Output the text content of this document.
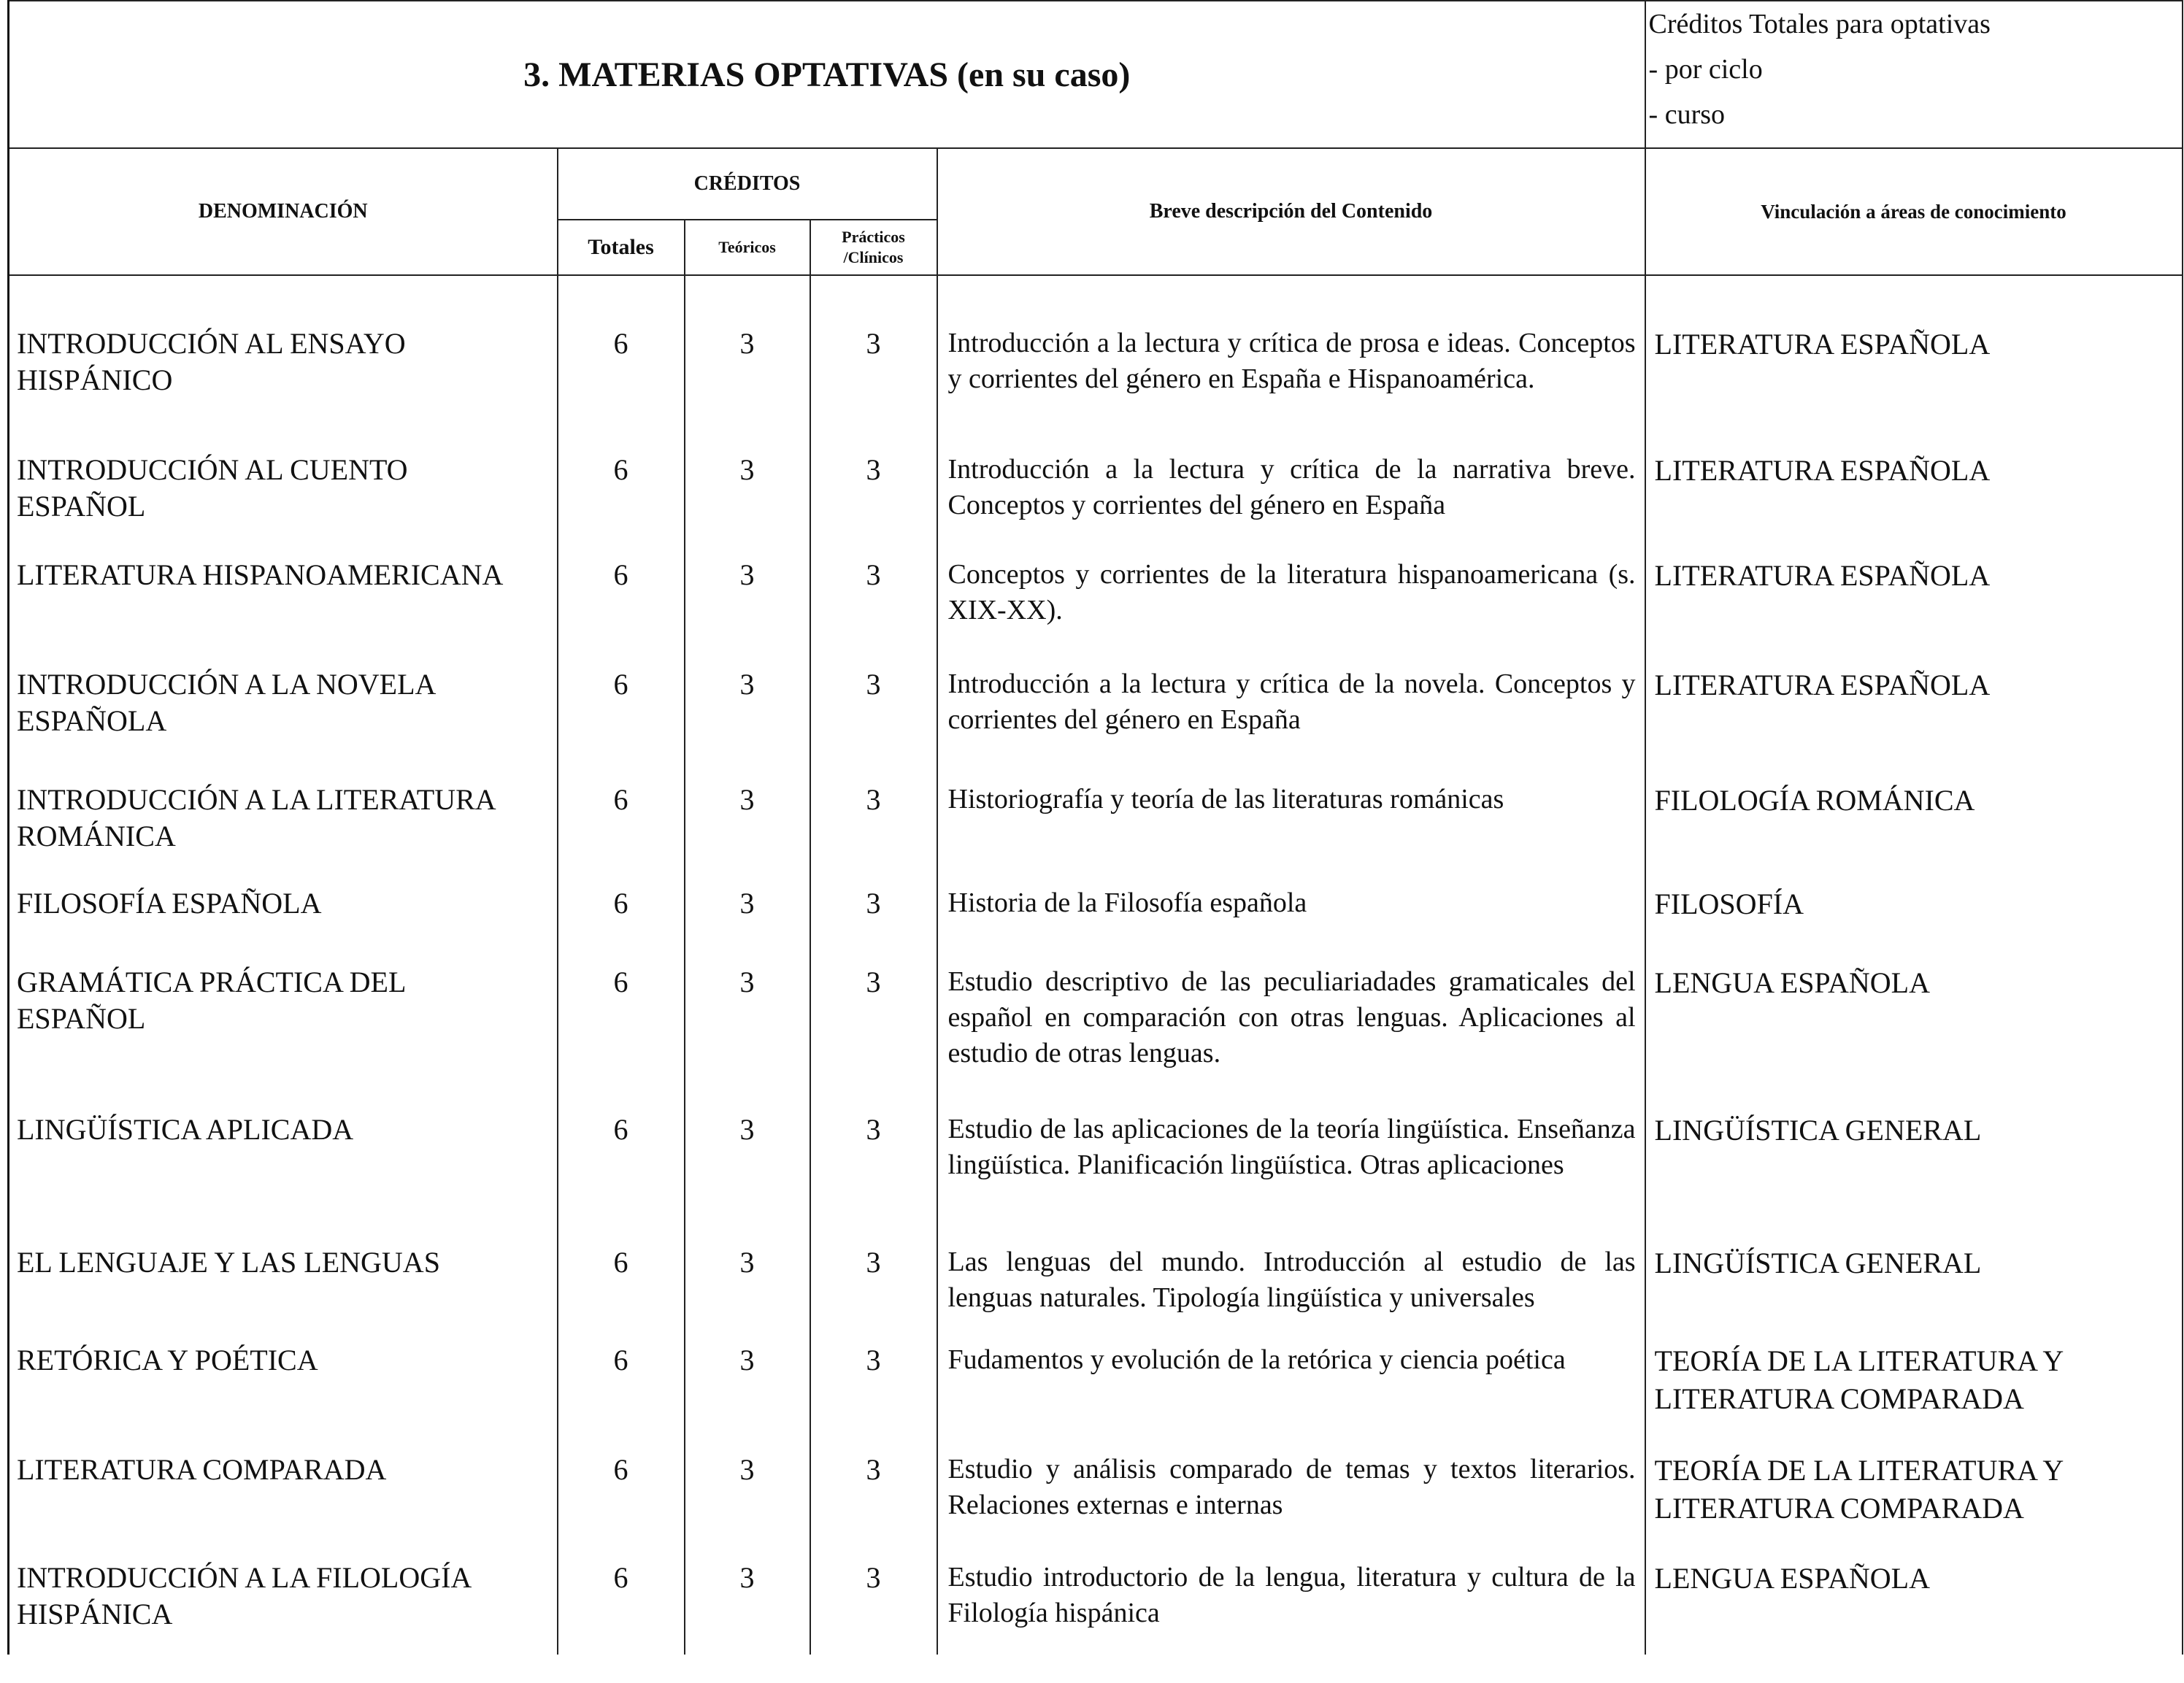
3. MATERIAS OPTATIVAS (en su caso)					Créditos Totales para optativas
- por ciclo
- curso

DENOMINACIÓN	CRÉDITOS			Breve descripción del Contenido	Vinculación a áreas de conocimiento
	Totales	Teóricos	Prácticos
/Clínicos		

INTRODUCCIÓN AL ENSAYO
HISPÁNICO	6	3	3	Introducción a la lectura y crítica de prosa e ideas. Conceptos y corrientes del género en España e Hispanoamérica.	LITERATURA ESPAÑOLA

INTRODUCCIÓN AL CUENTO
ESPAÑOL	6	3	3	Introducción a la lectura y crítica de la narrativa breve. Conceptos y corrientes del género en España	LITERATURA ESPAÑOLA

LITERATURA HISPANOAMERICANA	6	3	3	Conceptos y corrientes de la literatura hispanoamericana (s. XIX-XX).	LITERATURA ESPAÑOLA

INTRODUCCIÓN A LA NOVELA
ESPAÑOLA	6	3	3	Introducción a la lectura y crítica de la novela. Conceptos y corrientes del género en España	LITERATURA ESPAÑOLA

INTRODUCCIÓN A LA LITERATURA
ROMÁNICA	6	3	3	Historiografía y teoría de las literaturas románicas	FILOLOGÍA ROMÁNICA

FILOSOFÍA ESPAÑOLA	6	3	3	Historia de la Filosofía española	FILOSOFÍA

GRAMÁTICA PRÁCTICA DEL
ESPAÑOL	6	3	3	Estudio descriptivo de las peculiariadades gramaticales del español en comparación con otras lenguas. Aplicaciones al estudio de otras lenguas.	LENGUA ESPAÑOLA

LINGÜÍSTICA APLICADA	6	3	3	Estudio de las aplicaciones de la teoría lingüística. Enseñanza lingüística. Planificación lingüística. Otras aplicaciones	LINGÜÍSTICA GENERAL

EL LENGUAJE Y LAS LENGUAS	6	3	3	Las lenguas del mundo. Introducción al estudio de las lenguas naturales. Tipología lingüística y universales	LINGÜÍSTICA GENERAL

RETÓRICA Y POÉTICA	6	3	3	Fudamentos y evolución de la retórica y ciencia poética	TEORÍA DE LA LITERATURA Y
LITERATURA COMPARADA

LITERATURA COMPARADA	6	3	3	Estudio y análisis comparado de temas y textos literarios. Relaciones externas e internas	TEORÍA DE LA LITERATURA Y
LITERATURA COMPARADA

INTRODUCCIÓN A LA FILOLOGÍA
HISPÁNICA	6	3	3	Estudio introductorio de la lengua, literatura y cultura de la Filología hispánica	LENGUA ESPAÑOLA
